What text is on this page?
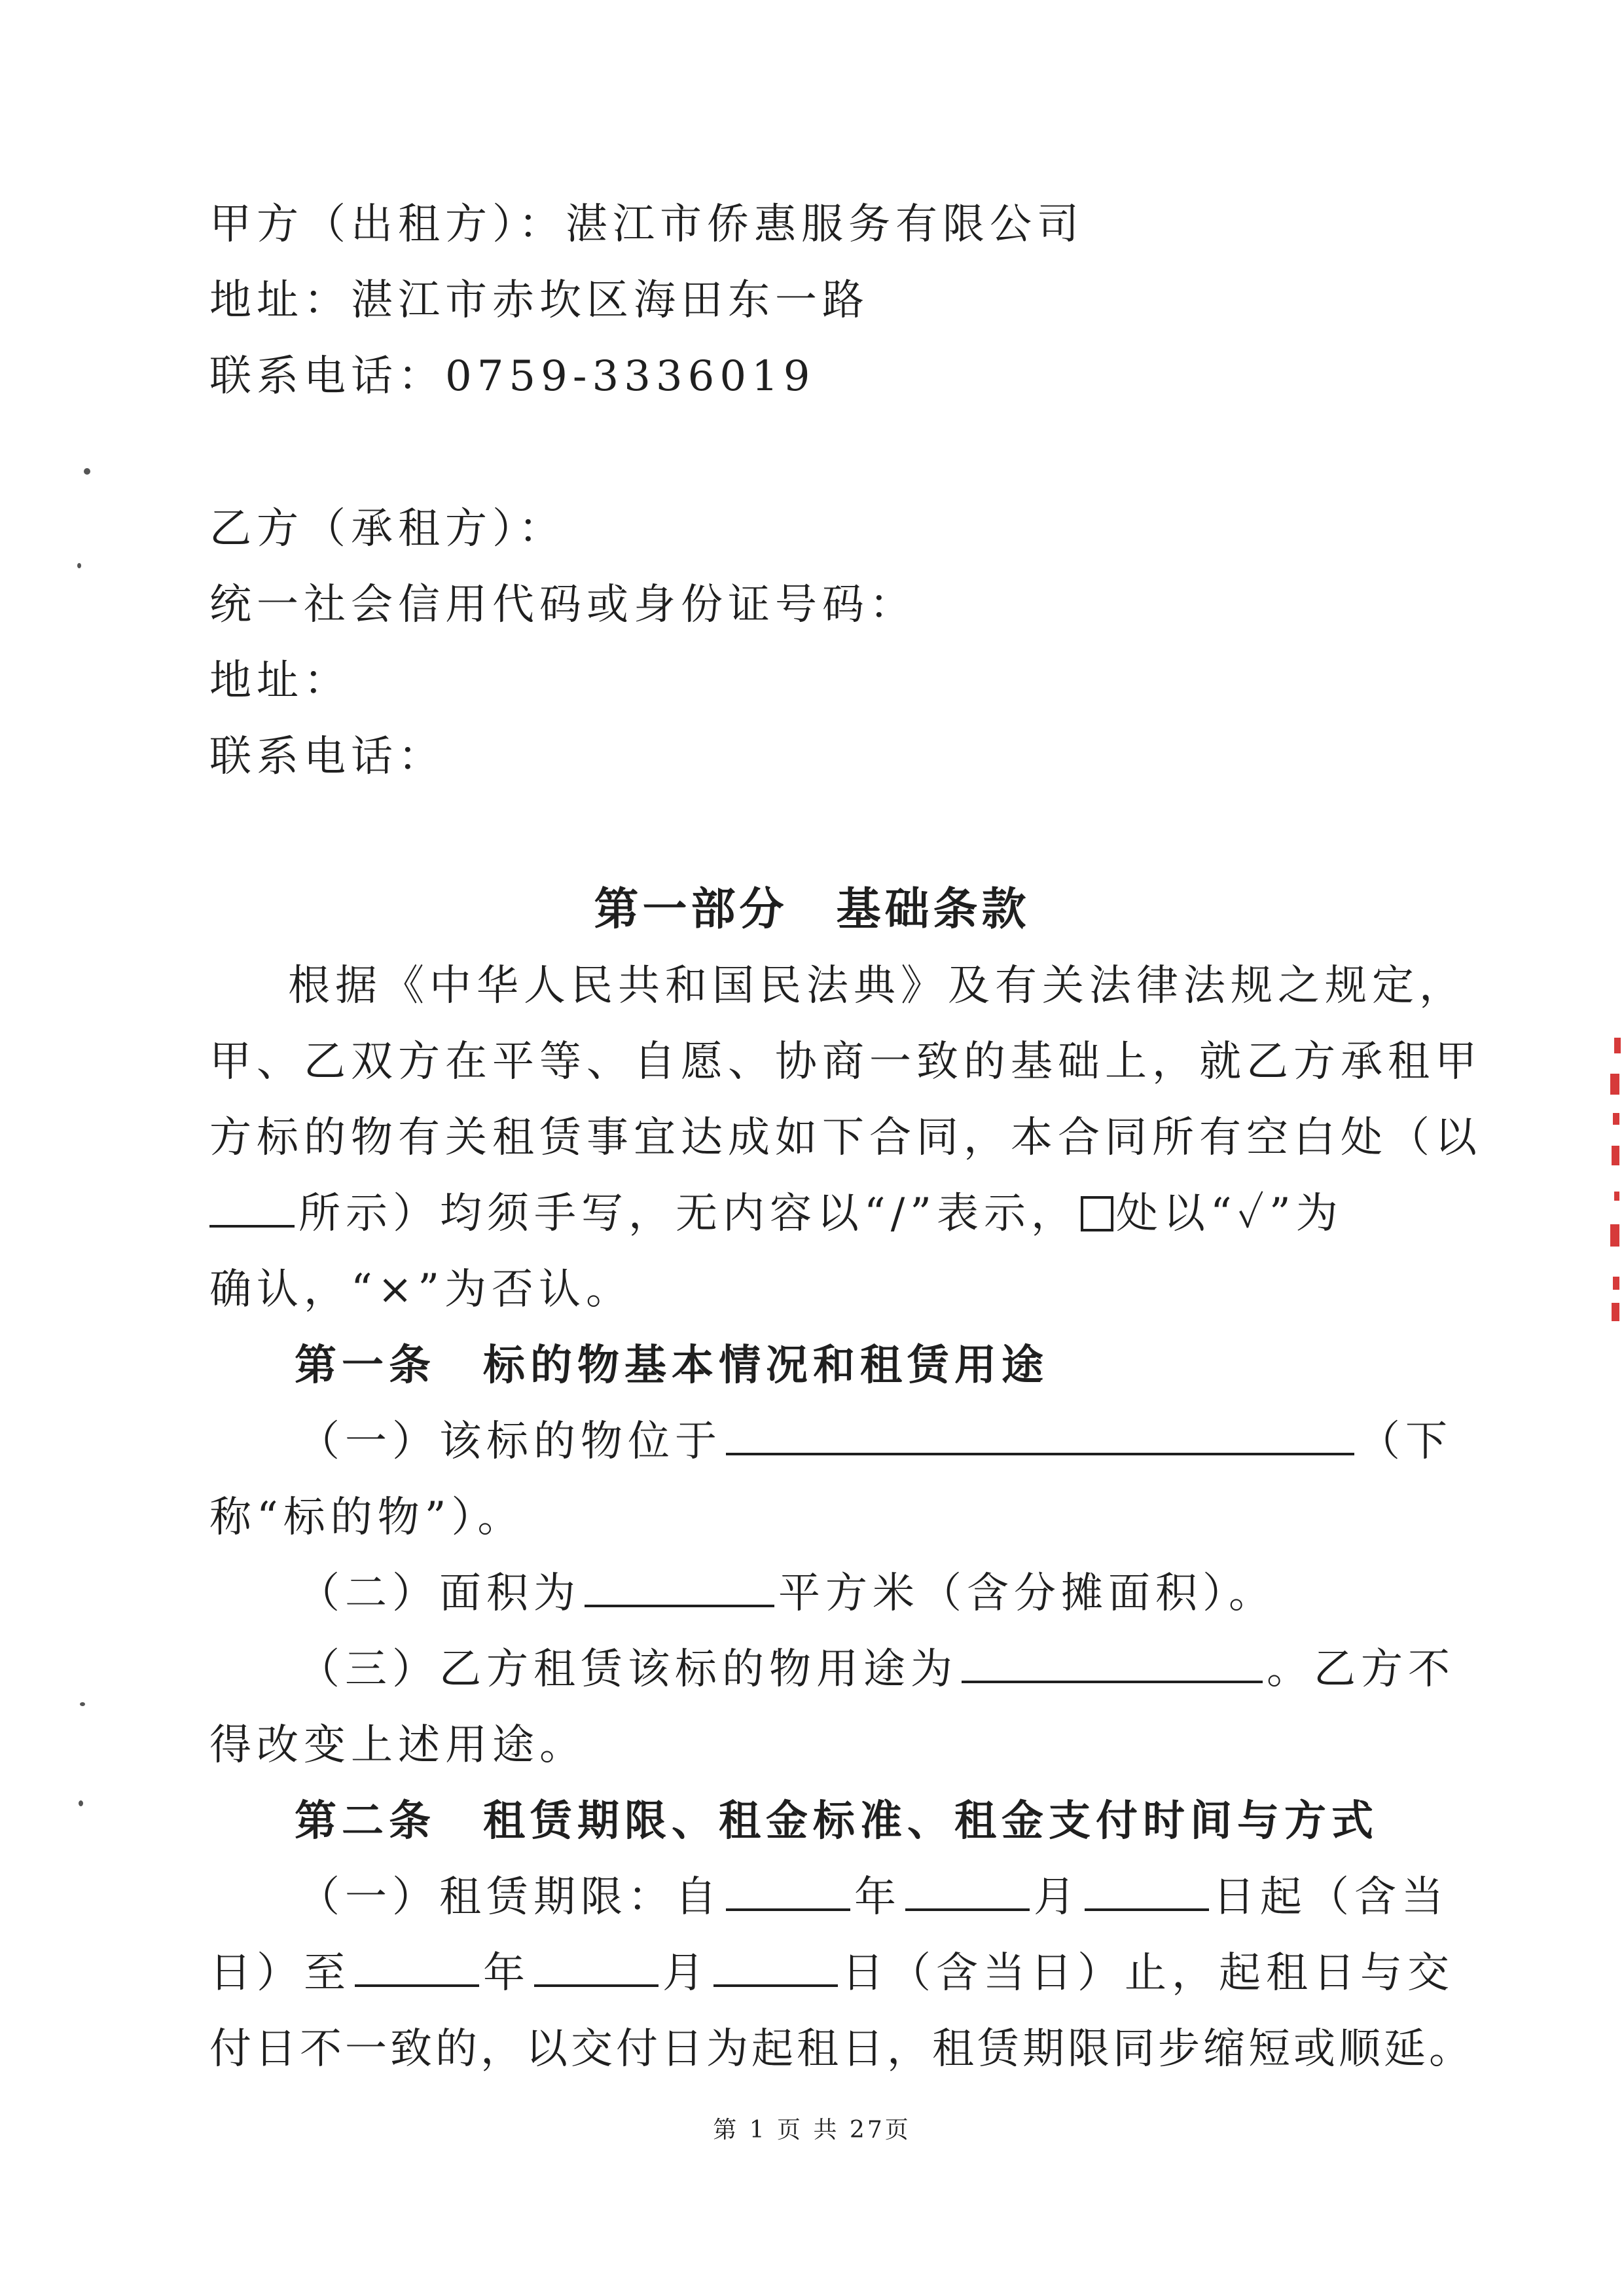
甲方（出租方）：湛江市侨惠服务有限公司
地址：湛江市赤坎区海田东一路
联系电话：0759-3336019
乙方（承租方）：
统一社会信用代码或身份证号码：
地址：
联系电话：
第一部分　基础条款
根据《中华人民共和国民法典》及有关法律法规之规定，
甲、乙双方在平等、自愿、协商一致的基础上，就乙方承租甲
方标的物有关租赁事宜达成如下合同，本合同所有空白处（以
所示）均须手写，无内容以“/”表示， 处以“✓”为
确认，“×”为否认。
第一条　标的物基本情况和租赁用途
（一）该标的物位于	（下
称“标的物”）。
（二）面积为	平方米（含分摊面积）。
（三）乙方租赁该标的物用途为	。乙方不
得改变上述用途。
第二条　租赁期限、租金标准、租金支付时间与方式
（一）租赁期限：自	年	月	日起（含当
日）至	年	月	日（含当日）止，起租日与交
付日不一致的，以交付日为起租日，租赁期限同步缩短或顺延。
第 1 页 共 27页
